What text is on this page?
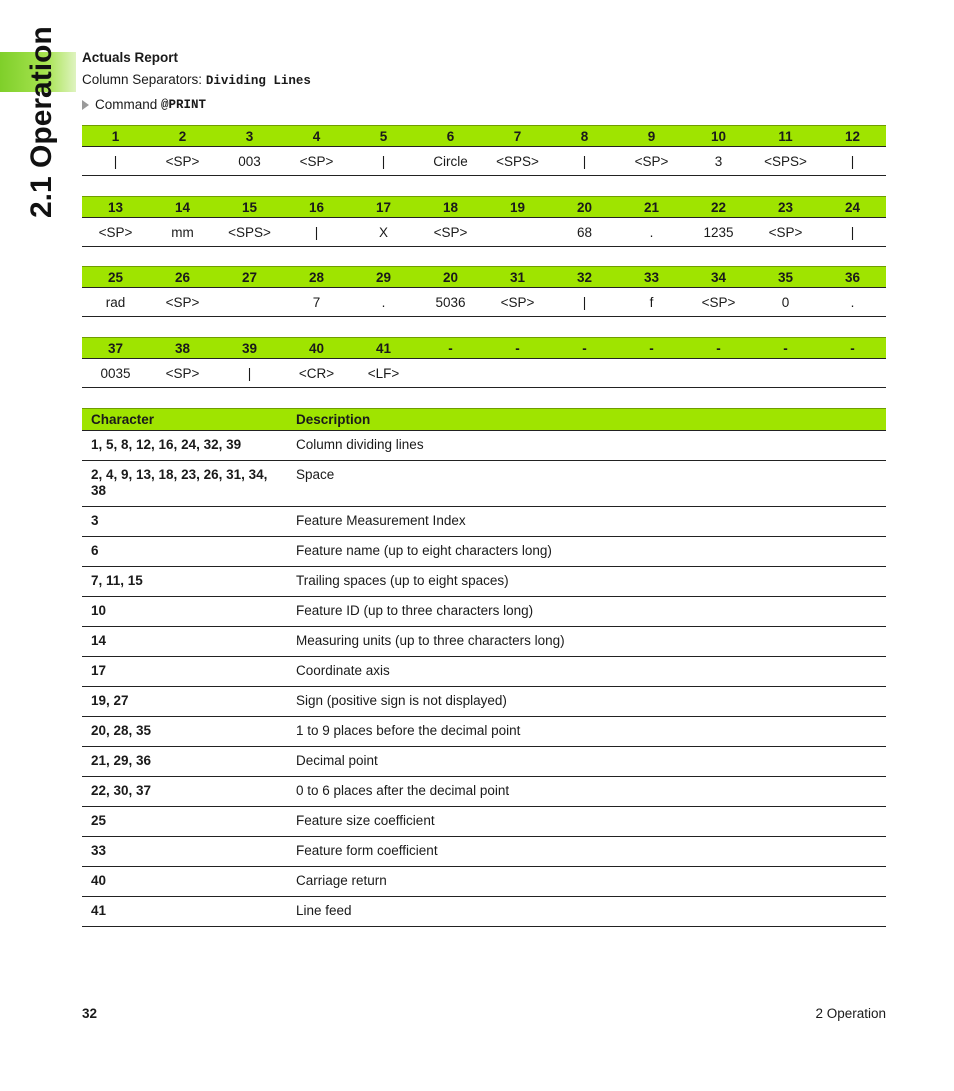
2.1 Operation Actuals Report
Column Separators: Dividing Lines
Command
@PRINT
1	2	3	4	5	6	7	8	9	10	11	12
|	<SP>	003	<SP>	|	Circle	<SPS>	|	<SP>	3	<SPS>	|
13	14	15	16	17	18	19	20	21	22	23	24
<SP>	mm	<SPS>	|	X	<SP>		68	.	1235	<SP>	|
25	26	27	28	29	20	31	32	33	34	35	36
rad	<SP>		7	.	5036	<SP>	|	f	<SP>	0	.
37	38	39	40	41	-	-	-	-	-	-	-
0035	<SP>	|	<CR>	<LF>							
Character	Description
1, 5, 8, 12, 16, 24, 32, 39	Column dividing lines
2, 4, 9, 13, 18, 23, 26, 31, 34, 38	Space
3	Feature Measurement Index
6	Feature name (up to eight characters long)
7, 11, 15	Trailing spaces (up to eight spaces)
10	Feature ID (up to three characters long)
14	Measuring units (up to three characters long)
17	Coordinate axis
19, 27	Sign (positive sign is not displayed)
20, 28, 35	1 to 9 places before the decimal point
21, 29, 36	Decimal point
22, 30, 37	0 to 6 places after the decimal point
25	Feature size coefficient
33	Feature form coefficient
40	Carriage return
41	Line feed
32	2 Operation
